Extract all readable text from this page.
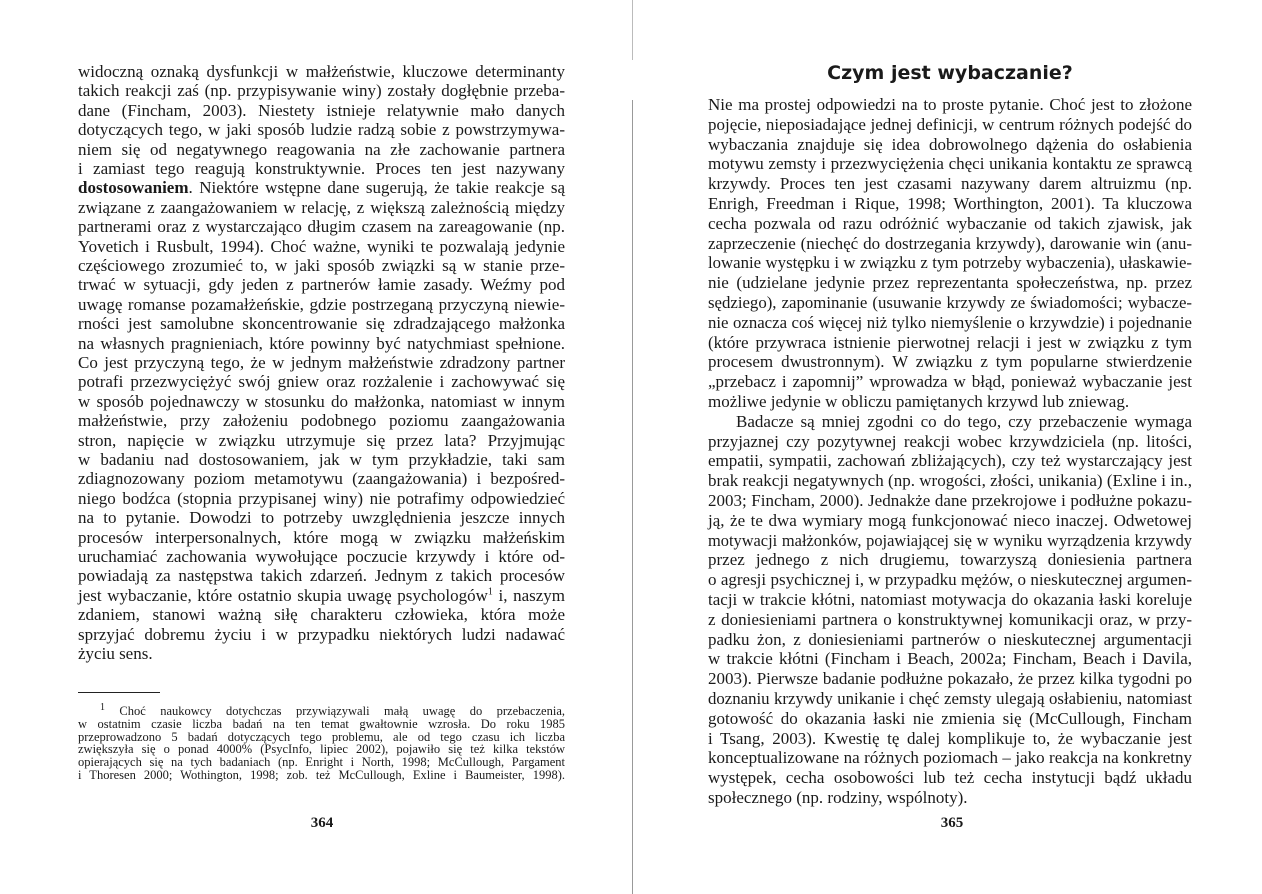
widoczną oznaką dysfunkcji w małżeństwie, kluczowe determinanty
takich reakcji zaś (np. przypisywanie winy) zostały dogłębnie przeba-
dane (Fincham, 2003). Niestety istnieje relatywnie mało danych
dotyczących tego, w jaki sposób ludzie radzą sobie z powstrzymywa-
niem się od negatywnego reagowania na złe zachowanie partnera
i zamiast tego reagują konstruktywnie. Proces ten jest nazywany
dostosowaniem. Niektóre wstępne dane sugerują, że takie reakcje są
związane z zaangażowaniem w relację, z większą zależnością między
partnerami oraz z wystarczająco długim czasem na zareagowanie (np.
Yovetich i Rusbult, 1994). Choć ważne, wyniki te pozwalają jedynie
częściowego zrozumieć to, w jaki sposób związki są w stanie prze-
trwać w sytuacji, gdy jeden z partnerów łamie zasady. Weźmy pod
uwagę romanse pozamałżeńskie, gdzie postrzeganą przyczyną niewie-
rności jest samolubne skoncentrowanie się zdradzającego małżonka
na własnych pragnieniach, które powinny być natychmiast spełnione.
Co jest przyczyną tego, że w jednym małżeństwie zdradzony partner
potrafi przezwyciężyć swój gniew oraz rozżalenie i zachowywać się
w sposób pojednawczy w stosunku do małżonka, natomiast w innym
małżeństwie, przy założeniu podobnego poziomu zaangażowania
stron, napięcie w związku utrzymuje się przez lata? Przyjmując
w badaniu nad dostosowaniem, jak w tym przykładzie, taki sam
zdiagnozowany poziom metamotywu (zaangażowania) i bezpośred-
niego bodźca (stopnia przypisanej winy) nie potrafimy odpowiedzieć
na to pytanie. Dowodzi to potrzeby uwzględnienia jeszcze innych
procesów interpersonalnych, które mogą w związku małżeńskim
uruchamiać zachowania wywołujące poczucie krzywdy i które od-
powiadają za następstwa takich zdarzeń. Jednym z takich procesów
jest wybaczanie, które ostatnio skupia uwagę psychologów$^1$ i, naszym
zdaniem, stanowi ważną siłę charakteru człowieka, która może
sprzyjać dobremu życiu i w przypadku niektórych ludzi nadawać
życiu sens.
$^1$ Choć naukowcy dotychczas przywiązywali małą uwagę do przebaczenia,
w ostatnim czasie liczba badań na ten temat gwałtownie wzrosła. Do roku 1985
przeprowadzono 5 badań dotyczących tego problemu, ale od tego czasu ich liczba
zwiększyła się o ponad 4000% (PsycInfo, lipiec 2002), pojawiło się też kilka tekstów
opierających się na tych badaniach (np. Enright i North, 1998; McCullough, Pargament
i Thoresen 2000; Wothington, 1998; zob. też McCullough, Exline i Baumeister, 1998).
364
Czym jest wybaczanie?
Nie ma prostej odpowiedzi na to proste pytanie. Choć jest to złożone
pojęcie, nieposiadające jednej definicji, w centrum różnych podejść do
wybaczania znajduje się idea dobrowolnego dążenia do osłabienia
motywu zemsty i przezwyciężenia chęci unikania kontaktu ze sprawcą
krzywdy. Proces ten jest czasami nazywany darem altruizmu (np.
Enrigh, Freedman i Rique, 1998; Worthington, 2001). Ta kluczowa
cecha pozwala od razu odróżnić wybaczanie od takich zjawisk, jak
zaprzeczenie (niechęć do dostrzegania krzywdy), darowanie win (anu-
lowanie występku i w związku z tym potrzeby wybaczenia), ułaskawie-
nie (udzielane jedynie przez reprezentanta społeczeństwa, np. przez
sędziego), zapominanie (usuwanie krzywdy ze świadomości; wybacze-
nie oznacza coś więcej niż tylko niemyślenie o krzywdzie) i pojednanie
(które przywraca istnienie pierwotnej relacji i jest w związku z tym
procesem dwustronnym). W związku z tym popularne stwierdzenie
„przebacz i zapomnij” wprowadza w błąd, ponieważ wybaczanie jest
możliwe jedynie w obliczu pamiętanych krzywd lub zniewag.
Badacze są mniej zgodni co do tego, czy przebaczenie wymaga
przyjaznej czy pozytywnej reakcji wobec krzywdziciela (np. litości,
empatii, sympatii, zachowań zbliżających), czy też wystarczający jest
brak reakcji negatywnych (np. wrogości, złości, unikania) (Exline i in.,
2003; Fincham, 2000). Jednakże dane przekrojowe i podłużne pokazu-
ją, że te dwa wymiary mogą funkcjonować nieco inaczej. Odwetowej
motywacji małżonków, pojawiającej się w wyniku wyrządzenia krzywdy
przez jednego z nich drugiemu, towarzyszą doniesienia partnera
o agresji psychicznej i, w przypadku mężów, o nieskutecznej argumen-
tacji w trakcie kłótni, natomiast motywacja do okazania łaski koreluje
z doniesieniami partnera o konstruktywnej komunikacji oraz, w przy-
padku żon, z doniesieniami partnerów o nieskutecznej argumentacji
w trakcie kłótni (Fincham i Beach, 2002a; Fincham, Beach i Davila,
2003). Pierwsze badanie podłużne pokazało, że przez kilka tygodni po
doznaniu krzywdy unikanie i chęć zemsty ulegają osłabieniu, natomiast
gotowość do okazania łaski nie zmienia się (McCullough, Fincham
i Tsang, 2003). Kwestię tę dalej komplikuje to, że wybaczanie jest
konceptualizowane na różnych poziomach – jako reakcja na konkretny
występek, cecha osobowości lub też cecha instytucji bądź układu
społecznego (np. rodziny, wspólnoty).
365
